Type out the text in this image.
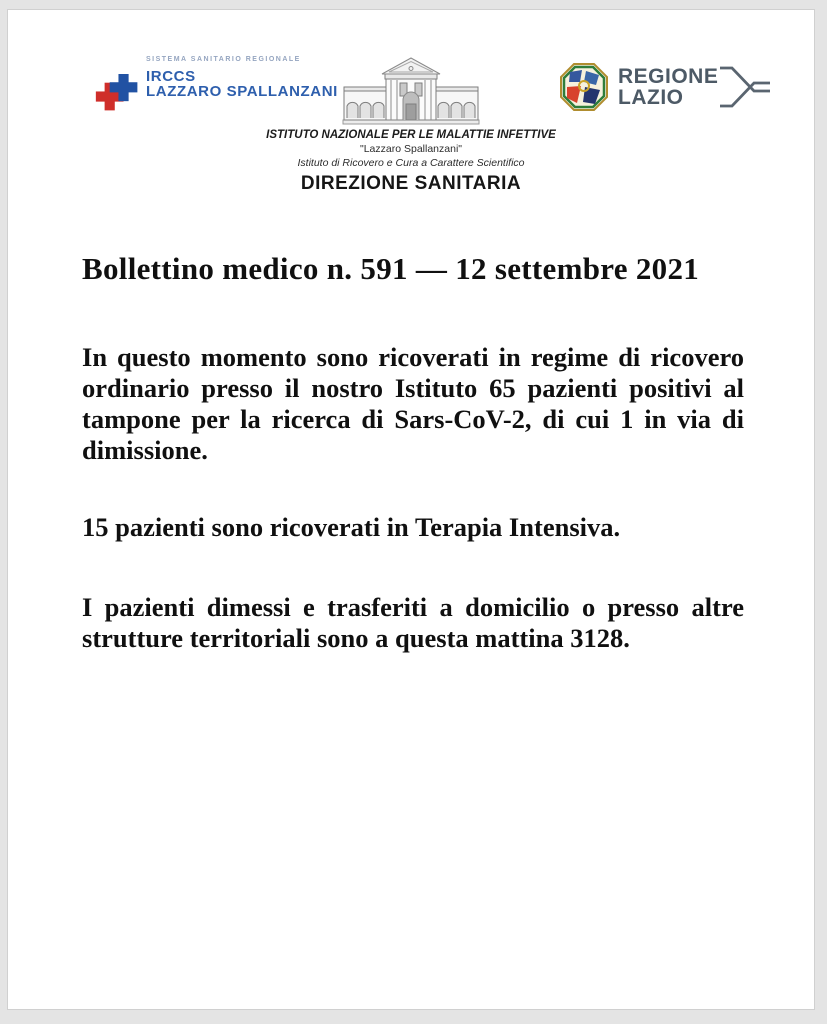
SISTEMA SANITARIO REGIONALE
IRCCS
LAZZARO SPALLANZANI
ISTITUTO NAZIONALE PER LE MALATTIE INFETTIVE
"Lazzaro Spallanzani"
Istituto di Ricovero e Cura a Carattere Scientifico
DIREZIONE SANITARIA
REGIONE
LAZIO
Bollettino medico n. 591 — 12 settembre 2021
In questo momento sono ricoverati in regime di ricovero
ordinario presso il nostro Istituto 65 pazienti positivi al
tampone per la ricerca di Sars-CoV-2, di cui 1 in via di
dimissione.
15 pazienti sono ricoverati in Terapia Intensiva.
I pazienti dimessi e trasferiti a domicilio o presso altre
strutture territoriali sono a questa mattina 3128.
